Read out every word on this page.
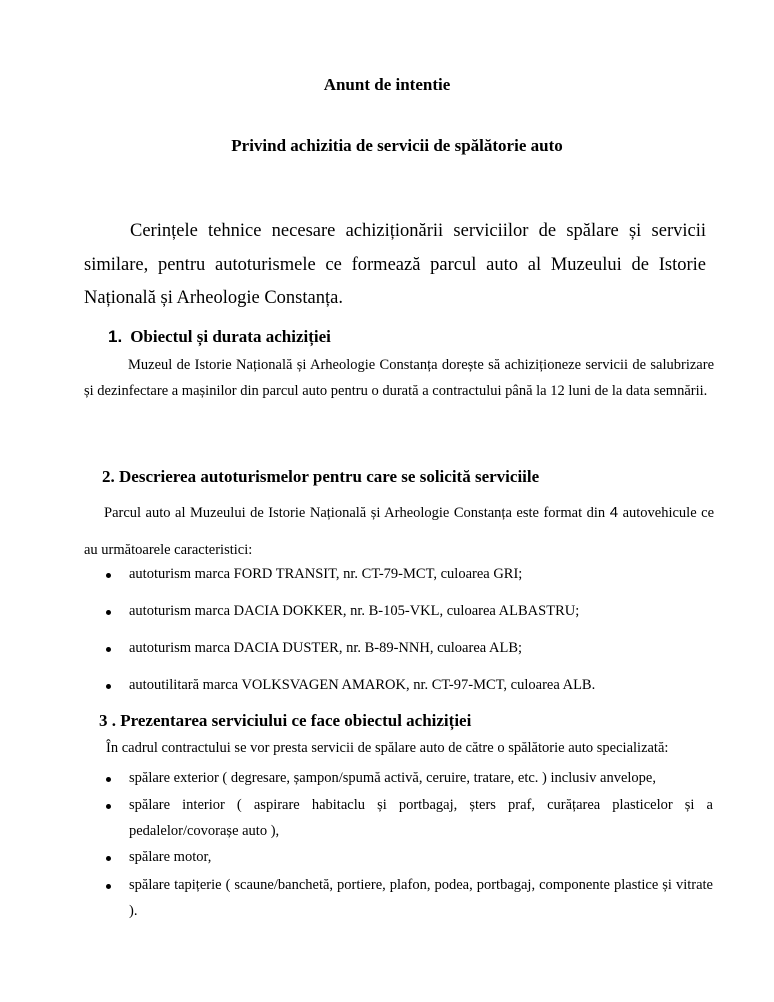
Anunt de intentie
Privind achizitia de servicii de spălătorie auto
Cerințele tehnice necesare achiziționării serviciilor de spălare și servicii similare, pentru autoturismele ce formează parcul auto al Muzeului de Istorie Națională și Arheologie Constanța.
1. Obiectul și durata achiziției
Muzeul de Istorie Națională și Arheologie Constanța dorește să achiziționeze servicii de salubrizare și dezinfectare a mașinilor din parcul auto pentru o durată a contractului până la 12 luni de la data semnării.
2. Descrierea autoturismelor pentru care se solicită serviciile
Parcul auto al Muzeului de Istorie Națională și Arheologie Constanța este format din 4 autovehicule ce au următoarele caracteristici:
autoturism marca FORD TRANSIT, nr. CT-79-MCT, culoarea GRI;
autoturism marca DACIA DOKKER, nr. B-105-VKL, culoarea ALBASTRU;
autoturism marca DACIA DUSTER, nr. B-89-NNH, culoarea ALB;
autoutilitară marca VOLKSVAGEN AMAROK, nr. CT-97-MCT, culoarea ALB.
3 . Prezentarea serviciului ce face obiectul achiziției
În cadrul contractului se vor presta servicii de spălare auto de către o spălătorie auto specializată:
spălare exterior ( degresare, șampon/spumă activă, ceruire, tratare, etc. ) inclusiv anvelope,
spălare interior ( aspirare habitaclu și portbagaj, șters praf, curățarea plasticelor și a pedalelor/covorașe auto ),
spălare motor,
spălare tapițerie ( scaune/banchetă, portiere, plafon, podea, portbagaj, componente plastice și vitrate ).
